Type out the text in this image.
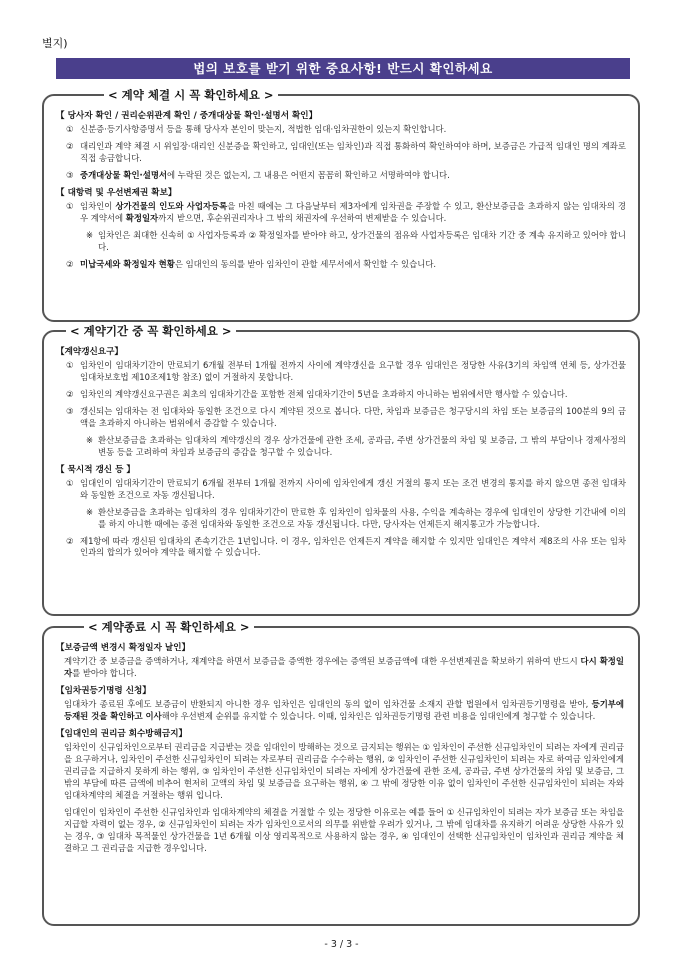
별지)
법의 보호를 받기 위한 중요사항! 반드시 확인하세요
< 계약 체결 시 꼭 확인하세요 >
【 당사자 확인 / 권리순위관계 확인 / 중개대상물 확인·설명서 확인】
① 신분증·등기사항증명서 등을 통해 당사자 본인이 맞는지, 적법한 임대·임차권한이 있는지 확인합니다.
② 대리인과 계약 체결 시 위임장·대리인 신분증을 확인하고, 임대인(또는 임차인)과 직접 통화하여 확인하여야 하며, 보증금은 가급적 임대인 명의 계좌로 직접 송금합니다.
③ 중개대상물 확인·설명서에 누락된 것은 없는지, 그 내용은 어떤지 꼼꼼히 확인하고 서명하여야 합니다.
【 대항력 및 우선변제권 확보】
① 임차인이 상가건물의 인도와 사업자등록을 마친 때에는 그 다음날부터 제3자에게 임차권을 주장할 수 있고, 환산보증금을 초과하지 않는 임대차의 경우 계약서에 확정일자까지 받으면, 후순위권리자나 그 밖의 채권자에 우선하여 변제받을 수 있습니다.
※ 임차인은 최대한 신속히 ① 사업자등록과 ② 확정일자를 받아야 하고, 상가건물의 점유와 사업자등록은 임대차 기간 중 계속 유지하고 있어야 합니다.
② 미납국세와 확정일자 현황은 임대인의 동의를 받아 임차인이 관할 세무서에서 확인할 수 있습니다.
< 계약기간 중 꼭 확인하세요 >
【계약갱신요구】
① 임차인이 임대차기간이 만료되기 6개월 전부터 1개월 전까지 사이에 계약갱신을 요구할 경우 임대인은 정당한 사유(3기의 차임액 연체 등, 상가건물 임대차보호법 제10조제1항 참조) 없이 거절하지 못합니다.
② 임차인의 계약갱신요구권은 최초의 임대차기간을 포함한 전체 임대차기간이 5년을 초과하지 아니하는 범위에서만 행사할 수 있습니다.
③ 갱신되는 임대차는 전 임대차와 동일한 조건으로 다시 계약된 것으로 봅니다. 다만, 차임과 보증금은 청구당시의 차임 또는 보증금의 100분의 9의 금액을 초과하지 아니하는 범위에서 증감할 수 있습니다.
※ 환산보증금을 초과하는 임대차의 계약갱신의 경우 상가건물에 관한 조세, 공과금, 주변 상가건물의 차임 및 보증금, 그 밖의 부담이나 경제사정의 변동 등을 고려하여 차임과 보증금의 증감을 청구할 수 있습니다.
【 묵시적 갱신 등 】
① 임대인이 임대차기간이 만료되기 6개월 전부터 1개월 전까지 사이에 임차인에게 갱신 거절의 통지 또는 조건 변경의 통지를 하지 않으면 종전 임대차와 동일한 조건으로 자동 갱신됩니다.
※ 환산보증금을 초과하는 임대차의 경우 임대차기간이 만료한 후 임차인이 임차물의 사용, 수익을 계속하는 경우에 임대인이 상당한 기간내에 이의를 하지 아니한 때에는 종전 임대차와 동일한 조건으로 자동 갱신됩니다. 다만, 당사자는 언제든지 해지통고가 가능합니다.
② 제1항에 따라 갱신된 임대차의 존속기간은 1년입니다. 이 경우, 임차인은 언제든지 계약을 해지할 수 있지만 임대인은 계약서 제8조의 사유 또는 임차인과의 합의가 있어야 계약을 해지할 수 있습니다.
< 계약종료 시 꼭 확인하세요 >
【보증금액 변경시 확정일자 날인】
계약기간 중 보증금을 증액하거나, 재계약을 하면서 보증금을 증액한 경우에는 증액된 보증금액에 대한 우선변제권을 확보하기 위하여 반드시 다시 확정일자를 받아야 합니다.
【임차권등기명령 신청】
임대차가 종료된 후에도 보증금이 반환되지 아니한 경우 임차인은 임대인의 동의 없이 임차건물 소재지 관할 법원에서 임차권등기명령을 받아, 등기부에 등재된 것을 확인하고 이사해야 우선변제 순위를 유지할 수 있습니다. 이때, 임차인은 임차권등기명령 관련 비용을 임대인에게 청구할 수 있습니다.
【임대인의 권리금 회수방해금지】
임차인이 신규임차인으로부터 권리금을 지급받는 것을 임대인이 방해하는 것으로 금지되는 행위는 ① 임차인이 주선한 신규임차인이 되려는 자에게 권리금을 요구하거나, 임차인이 주선한 신규임차인이 되려는 자로부터 권리금을 수수하는 행위, ② 임차인이 주선한 신규임차인이 되려는 자로 하여금 임차인에게 권리금을 지급하지 못하게 하는 행위, ③ 임차인이 주선한 신규임차인이 되려는 자에게 상가건물에 관한 조세, 공과금, 주변 상가건물의 차임 및 보증금, 그 밖의 부담에 따른 금액에 비추어 현저히 고액의 차임 및 보증금을 요구하는 행위, ④ 그 밖에 정당한 이유 없이 임차인이 주선한 신규임차인이 되려는 자와 임대차계약의 체결을 거절하는 행위 입니다.
임대인이 임차인이 주선한 신규임차인과 임대차계약의 체결을 거절할 수 있는 정당한 이유로는 예를 들어 ① 신규임차인이 되려는 자가 보증금 또는 차임을 지급할 자력이 없는 경우, ② 신규임차인이 되려는 자가 임차인으로서의 의무를 위반할 우려가 있거나, 그 밖에 임대차를 유지하기 어려운 상당한 사유가 있는 경우, ③ 임대차 목적물인 상가건물을 1년 6개월 이상 영리목적으로 사용하지 않는 경우, ④ 임대인이 선택한 신규임차인이 임차인과 권리금 계약을 체결하고 그 권리금을 지급한 경우입니다.
- 3 / 3 -
